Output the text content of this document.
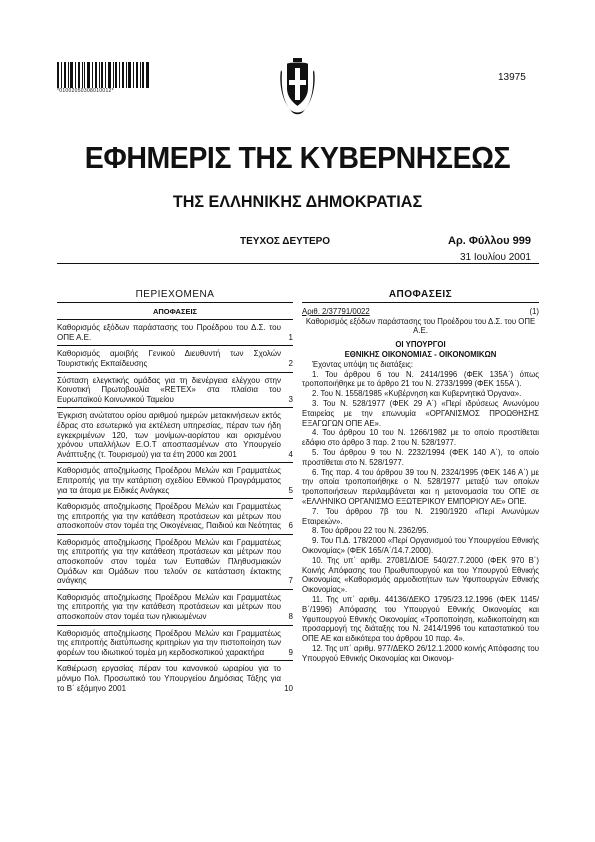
*01002050308010012*
13975
ΕΦΗΜΕΡΙΣ ΤΗΣ ΚΥΒΕΡΝΗΣΕΩΣ
ΤΗΣ ΕΛΛΗΝΙΚΗΣ ΔΗΜΟΚΡΑΤΙΑΣ
ΤΕΥΧΟΣ ΔΕΥΤΕΡΟ	Αρ. Φύλλου 999
31 Ιουλίου 2001
ΠΕΡΙΕΧΟΜΕΝΑ
ΑΠΟΦΑΣΕΙΣ
Καθορισμός εξόδων παράστασης του Προέδρου του Δ.Σ. του ΟΠΕ Α.Ε.	1
Καθορισμός αμοιβής Γενικού Διευθυντή των Σχολών Τουριστικής Εκπαίδευσης	2
Σύσταση ελεγκτικής ομάδας για τη διενέργεια ελέγχου στην Κοινοτική Πρωτοβουλία «RETEX» στα πλαίσια του Ευρωπαϊκού Κοινωνικού Ταμείου	3
Έγκριση ανώτατου ορίου αριθμού ημερών μετακινήσεων εκτός έδρας στο εσωτερικό για εκτέλεση υπηρεσίας, πέραν των ήδη εγκεκριμένων 120, των μονίμων-αορίστου και ορισμένου χρόνου υπαλλήλων Ε.Ο.Τ αποσπασμένων στο Υπουργείο Ανάπτυξης (τ. Τουρισμού) για τα έτη 2000 και 2001	4
Καθορισμός αποζημίωσης Προέδρου Μελών και Γραμματέως Επιτροπής για την κατάρτιση σχεδίου Εθνικού Προγράμματος για τα άτομα με Ειδικές Ανάγκες	5
Καθορισμός αποζημίωσης Προέδρου Μελών και Γραμματέως της επιτροπής για την κατάθεση προτάσεων και μέτρων που αποσκοπούν στον τομέα της Οικογένειας, Παιδιού και Νεότητας 6
Καθορισμός αποζημίωσης Προέδρου Μελών και Γραμματέως της επιτροπής για την κατάθεση προτάσεων και μέτρων που αποσκοπούν στον τομέα των Ευπαθών Πληθυσμιακών Ομάδων και Ομάδων που τελούν σε κατάσταση έκτακτης ανάγκης	7
Καθορισμός αποζημίωσης Προέδρου Μελών και Γραμματέως της επιτροπής για την κατάθεση προτάσεων και μέτρων που αποσκοπούν στον τομέα των ηλικιωμένων	8
Καθορισμός αποζημίωσης Προέδρου Μελών και Γραμματέως της επιτροπής διατύπωσης κριτηρίων για την πιστοποίηση των φορέων του ιδιωτικού τομέα μη κερδοσκοπικού χαρακτήρα	9
Καθιέρωση εργασίας πέραν του κανονικού ωραρίου για το μόνιμο Πολ. Προσωπικό του Υπουργείου Δημόσιας Τάξης για το Β΄ εξάμηνο 2001	10
ΑΠΟΦΑΣΕΙΣ
Αριθ. 2/37791/0022	(1)

Καθορισμός εξόδων παράστασης του Προέδρου του Δ.Σ. του ΟΠΕ Α.Ε.

ΟΙ ΥΠΟΥΡΓΟΙ

ΕΘΝΙΚΗΣ ΟΙΚΟΝΟΜΙΑΣ - ΟΙΚΟΝΟΜΙΚΩΝ

Έχοντας υπόψη τις διατάξεις:

1. Του άρθρου 6 του Ν. 2414/1996 (ΦΕΚ 135Α΄) όπως τροποποιήθηκε με το άρθρο 21 του Ν. 2733/1999 (ΦΕΚ 155Α΄).

2. Του Ν. 1558/1985 «Κυβέρνηση και Κυβερνητικά Όργανα».

3. Του Ν. 528/1977 (ΦΕΚ 29 Α΄) «Περί ιδρύσεως Ανωνύμου Εταιρείας με την επωνυμία «ΟΡΓΑΝΙΣΜΟΣ ΠΡΟΩΘΗΣΗΣ ΕΞΑΓΩΓΩΝ ΟΠΕ ΑΕ».

4. Του άρθρου 10 του Ν. 1266/1982 με το οποίο προστίθεται εδάφιο στο άρθρο 3 παρ. 2 του Ν. 528/1977.

5. Του άρθρου 9 του Ν. 2232/1994 (ΦΕΚ 140 Α΄), το οποίο προστίθεται στο Ν. 528/1977.

6. Της παρ. 4 του άρθρου 39 του Ν. 2324/1995 (ΦΕΚ 146 Α΄) με την οποία τροποποιήθηκε ο Ν. 528/1977 μεταξύ των οποίων τροποποιήσεων περιλαμβάνεται και η μετονομασία του ΟΠΕ σε «ΕΛΛΗΝΙΚΟ ΟΡΓΑΝΙΣΜΟ ΕΞΩΤΕΡΙΚΟΥ ΕΜΠΟΡΙΟΥ ΑΕ» ΟΠΕ.

7. Του άρθρου 7β του Ν. 2190/1920 «Περί Ανωνύμων Εταιρειών».

8. Του άρθρου 22 του Ν. 2362/95.

9. Του Π.Δ. 178/2000 «Περί Οργανισμού του Υπουργείου Εθνικής Οικονομίας» (ΦΕΚ 165/Α΄/14.7.2000).

10. Της υπ΄ αριθμ. 27081/ΔΙΟΕ 540/27.7.2000 (ΦΕΚ 970 Β΄) Κοινής Απόφασης του Πρωθυπουργού και του Υπουργού Εθνικής Οικονομίας «Καθορισμός αρμοδιοτήτων των Υφυπουργών Εθνικής Οικονομίας».

11. Της υπ΄ αριθμ. 44136/ΔΕΚΟ 1795/23.12.1996 (ΦΕΚ 1145/Β΄/1996) Απόφασης του Υπουργού Εθνικής Οικονομίας και Υφυπουργού Εθνικής Οικονομίας «Τροποποίηση, κωδικοποίηση και προσαρμογή της διάταξης του Ν. 2414/1996 του καταστατικού του ΟΠΕ ΑΕ και ειδικότερα του άρθρου 10 παρ. 4».

12. Της υπ΄ αριθμ. 977/ΔΕΚΟ 26/12.1.2000 κοινής Απόφασης του Υπουργού Εθνικής Οικονομίας και Οικονομ-
